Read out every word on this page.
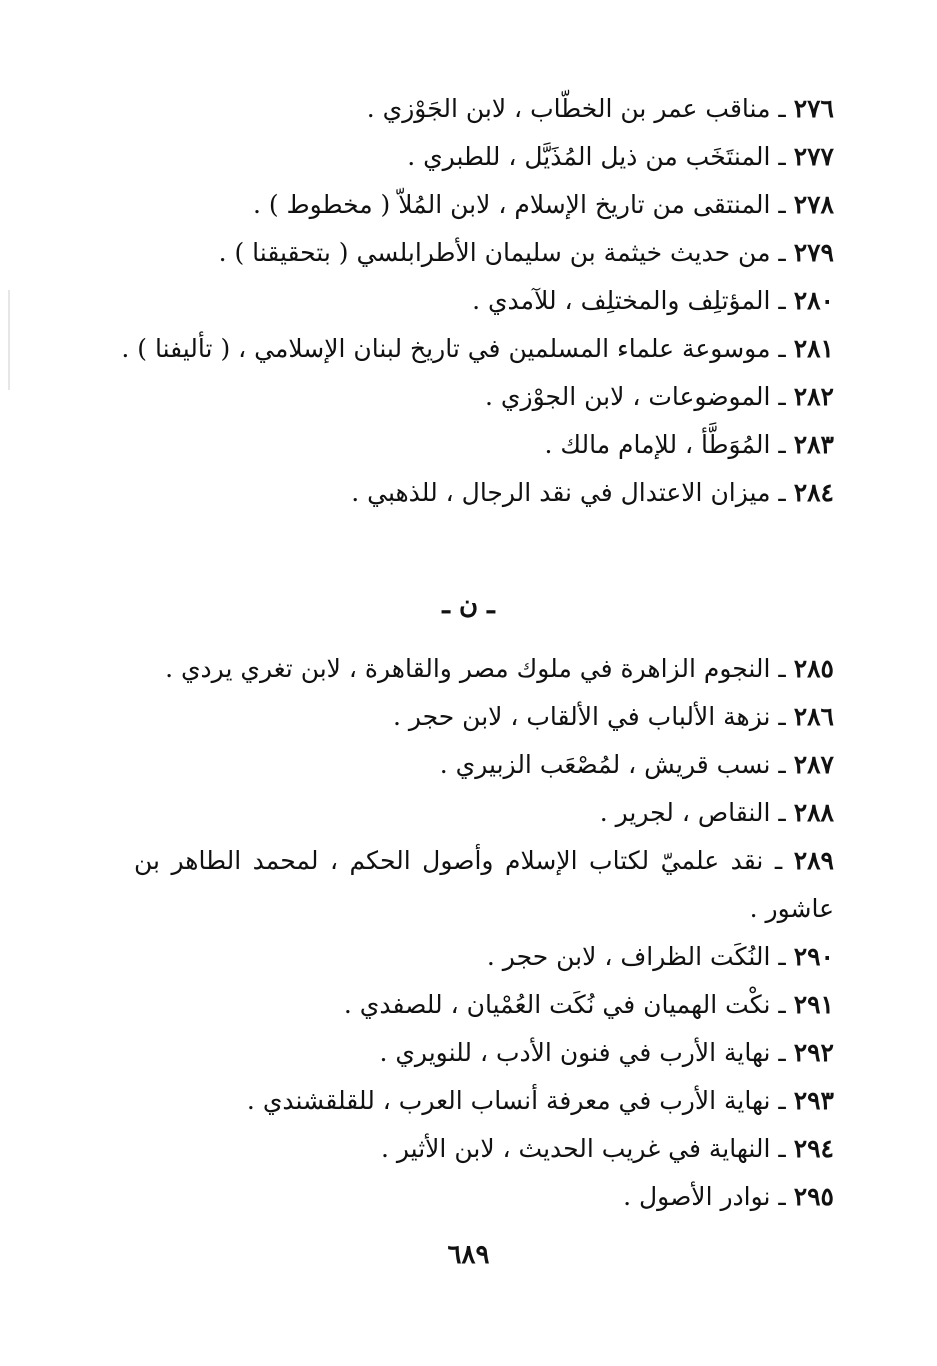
٢٧٦ ـ مناقب عمر بن الخطّاب ، لابن الجَوْزي .
٢٧٧ ـ المنتَخَب من ذيل المُذَيَّل ، للطبري .
٢٧٨ ـ المنتقى من تاريخ الإسلام ، لابن المُلاّ ( مخطوط ) .
٢٧٩ ـ من حديث خيثمة بن سليمان الأطرابلسي ( بتحقيقنا ) .
٢٨٠ ـ المؤتلِف والمختلِف ، للآمدي .
٢٨١ ـ موسوعة علماء المسلمين في تاريخ لبنان الإسلامي ، ( تأليفنا ) .
٢٨٢ ـ الموضوعات ، لابن الجوْزي .
٢٨٣ ـ المُوَطَّأ ، للإمام مالك .
٢٨٤ ـ ميزان الاعتدال في نقد الرجال ، للذهبي .
ـ ن ـ
٢٨٥ ـ النجوم الزاهرة في ملوك مصر والقاهرة ، لابن تغري يردي .
٢٨٦ ـ نزهة الألباب في الألقاب ، لابن حجر .
٢٨٧ ـ نسب قريش ، لمُصْعَب الزبيري .
٢٨٨ ـ النقاص ، لجرير .
٢٨٩ ـ نقد علميّ لكتاب الإسلام وأصول الحكم ، لمحمد الطاهر بن عاشور .
٢٩٠ ـ النُكَت الظراف ، لابن حجر .
٢٩١ ـ نكْت الهميان في نُكَت العُمْيان ، للصفدي .
٢٩٢ ـ نهاية الأرب في فنون الأدب ، للنويري .
٢٩٣ ـ نهاية الأرب في معرفة أنساب العرب ، للقلقشندي .
٢٩٤ ـ النهاية في غريب الحديث ، لابن الأثير .
٢٩٥ ـ نوادر الأصول .
٦٨٩
